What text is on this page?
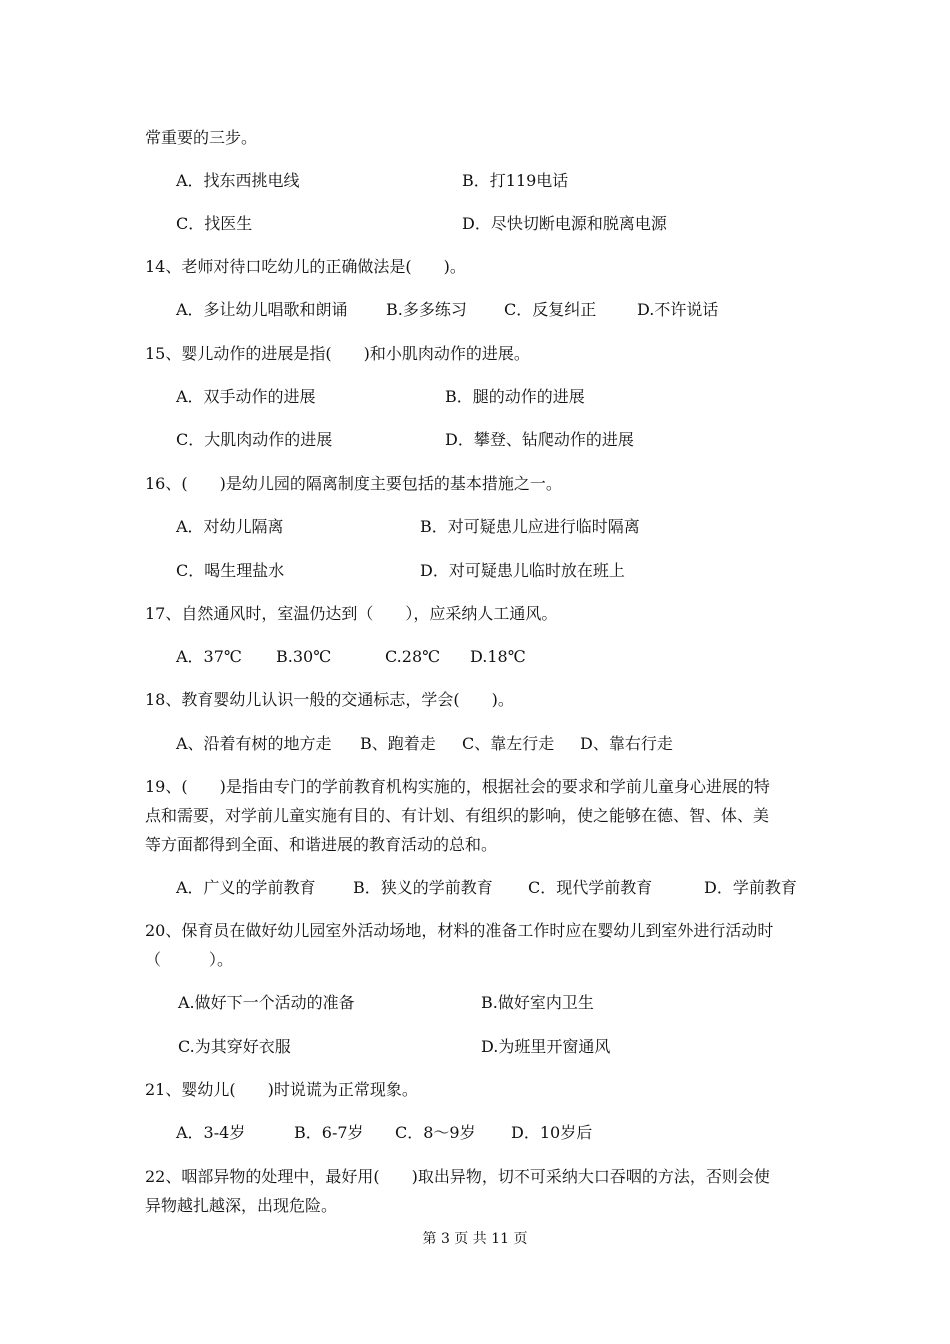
常重要的三步。
A．找东西挑电线	B．打119电话
C．找医生	D．尽快切断电源和脱离电源
14、老师对待口吃幼儿的正确做法是(　　)。
A．多让幼儿唱歌和朗诵 B.多多练习 C．反复纠正	D.不许说话
15、婴儿动作的进展是指(　　)和小肌肉动作的进展。
A．双手动作的进展	B．腿的动作的进展
C．大肌肉动作的进展	D．攀登、钻爬动作的进展
16、(　　)是幼儿园的隔离制度主要包括的基本措施之一。
A．对幼儿隔离	B．对可疑患儿应进行临时隔离
C．喝生理盐水	D．对可疑患儿临时放在班上
17、自然通风时，室温仍达到（　　），应采纳人工通风。
A．37℃ B.30℃	C.28℃ D.18℃
18、教育婴幼儿认识一般的交通标志，学会(　　)。
A、沿着有树的地方走 B、跑着走 C、靠左行走 D、靠右行走
19、(　　)是指由专门的学前教育机构实施的，根据社会的要求和学前儿童身心进展的特
点和需要，对学前儿童实施有目的、有计划、有组织的影响，使之能够在德、智、体、美
等方面都得到全面、和谐进展的教育活动的总和。
A．广义的学前教育 B．狭义的学前教育 C．现代学前教育	D．学前教育
20、保育员在做好幼儿园室外活动场地，材料的准备工作时应在婴幼儿到室外进行活动时
（　　　）。
A.做好下一个活动的准备	B.做好室内卫生
C.为其穿好衣服	D.为班里开窗通风
21、婴幼儿(　　)时说谎为正常现象。
A．3-4岁	B．6-7岁 C．8～9岁 D．10岁后
22、咽部异物的处理中，最好用(　　)取出异物，切不可采纳大口吞咽的方法，否则会使
异物越扎越深，出现危险。
第 3 页 共 11 页
